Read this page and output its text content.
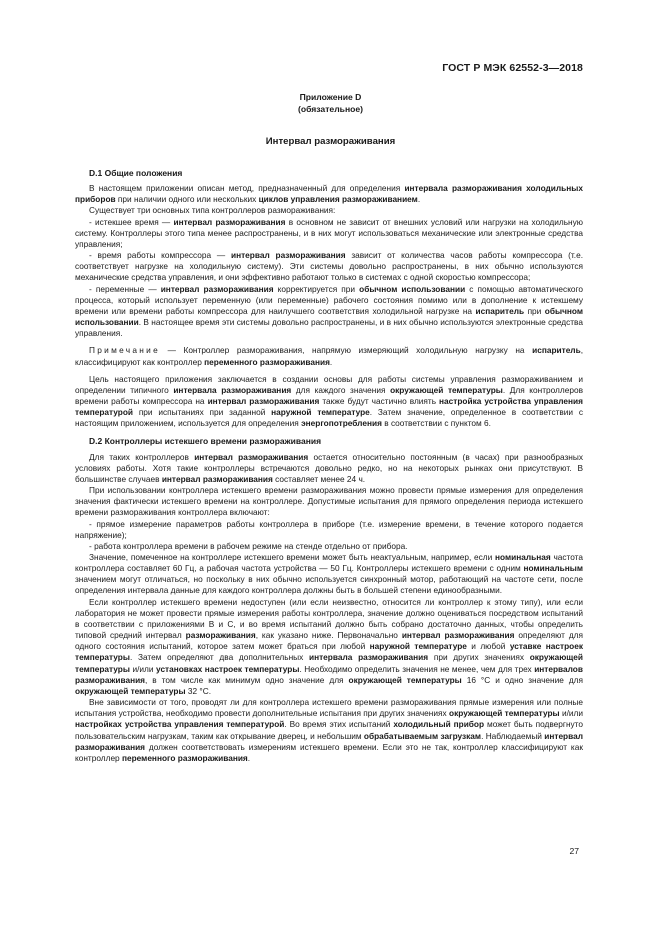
ГОСТ Р МЭК 62552-3—2018
Приложение D
(обязательное)
Интервал размораживания
D.1 Общие положения

В настоящем приложении описан метод, предназначенный для определения интервала размораживания холодильных приборов при наличии одного или нескольких циклов управления размораживанием.

Существует три основных типа контроллеров размораживания:

- истекшее время — интервал размораживания в основном не зависит от внешних условий или нагрузки на холодильную систему. Контроллеры этого типа менее распространены, и в них могут использоваться механические или электронные средства управления;

- время работы компрессора — интервал размораживания зависит от количества часов работы компрессора (т.е. соответствует нагрузке на холодильную систему). Эти системы довольно распространены, в них обычно используются механические средства управления, и они эффективно работают только в системах с одной скоростью компрессора;

- переменные — интервал размораживания корректируется при обычном использовании с помощью автоматического процесса, который использует переменную (или переменные) рабочего состояния помимо или в дополнение к истекшему времени или времени работы компрессора для наилучшего соответствия холодильной нагрузке на испаритель при обычном использовании. В настоящее время эти системы довольно распространены, и в них обычно используются электронные средства управления.

Примечание — Контроллер размораживания, напрямую измеряющий холодильную нагрузку на испаритель, классифицируют как контроллер переменного размораживания.

Цель настоящего приложения заключается в создании основы для работы системы управления размораживанием и определении типичного интервала размораживания для каждого значения окружающей температуры. Для контроллеров времени работы компрессора на интервал размораживания также будут частично влиять настройка устройства управления температурой при испытаниях при заданной наружной температуре. Затем значение, определенное в соответствии с настоящим приложением, используется для определения энергопотребления в соответствии с пунктом 6.

D.2 Контроллеры истекшего времени размораживания

Для таких контроллеров интервал размораживания остается относительно постоянным (в часах) при разнообразных условиях работы. Хотя такие контроллеры встречаются довольно редко, но на некоторых рынках они присутствуют. В большинстве случаев интервал размораживания составляет менее 24 ч.

При использовании контроллера истекшего времени размораживания можно провести прямые измерения для определения значения фактически истекшего времени на контроллере. Допустимые испытания для прямого определения периода истекшего времени размораживания контроллера включают:

- прямое измерение параметров работы контроллера в приборе (т.е. измерение времени, в течение которого подается напряжение);

- работа контроллера времени в рабочем режиме на стенде отдельно от прибора.

Значение, помеченное на контроллере истекшего времени может быть неактуальным, например, если номинальная частота контроллера составляет 60 Гц, а рабочая частота устройства — 50 Гц. Контроллеры истекшего времени с одним номинальным значением могут отличаться, но поскольку в них обычно используется синхронный мотор, работающий на частоте сети, после определения интервала данные для каждого контроллера должны быть в большей степени единообразными.

Если контроллер истекшего времени недоступен (или если неизвестно, относится ли контроллер к этому типу), или если лаборатория не может провести прямые измерения работы контроллера, значение должно оцениваться посредством испытаний в соответствии с приложениями В и С, и во время испытаний должно быть собрано достаточно данных, чтобы определить типовой средний интервал размораживания, как указано ниже. Первоначально интервал размораживания определяют для одного состояния испытаний, которое затем может браться при любой наружной температуре и любой уставке настроек температуры. Затем определяют два дополнительных интервала размораживания при других значениях окружающей температуры и/или установках настроек температуры. Необходимо определить значения не менее, чем для трех интервалов размораживания, в том числе как минимум одно значение для окружающей температуры 16 °С и одно значение для окружающей температуры 32 °С.

Вне зависимости от того, проводят ли для контроллера истекшего времени размораживания прямые измерения или полные испытания устройства, необходимо провести дополнительные испытания при других значениях окружающей температуры и/или настройках устройства управления температурой. Во время этих испытаний холодильный прибор может быть подвергнуто пользовательским нагрузкам, таким как открывание дверец, и небольшим обрабатываемым загрузкам. Наблюдаемый интервал размораживания должен соответствовать измерениям истекшего времени. Если это не так, контроллер классифицируют как контроллер переменного размораживания.

27
